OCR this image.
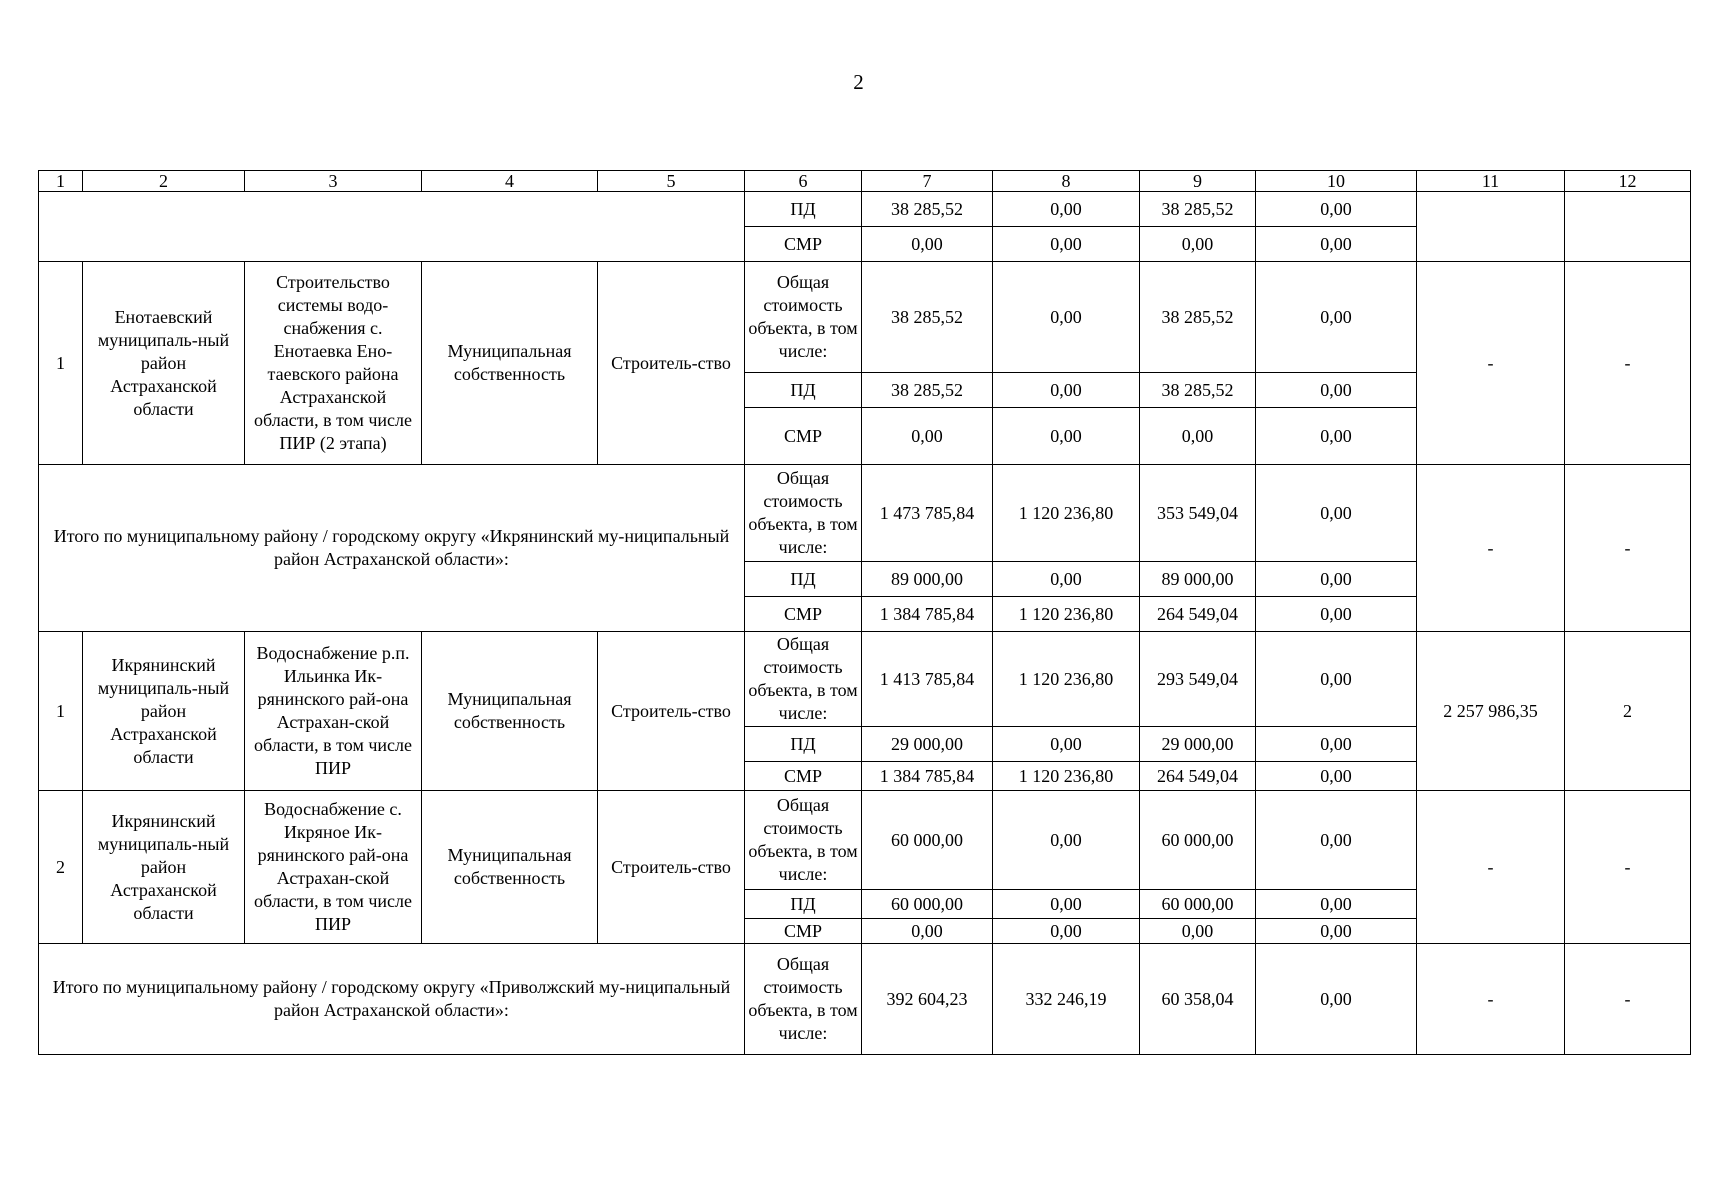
2
1	2	3	4	5	6	7	8	9	10	11	12
					ПД	38 285,52	0,00	38 285,52	0,00		
					СМР	0,00	0,00	0,00	0,00		
1	Енотаевский муниципаль-ный район Астраханской области	Строительство системы водо-снабжения с. Енотаевка Ено-таевского района Астраханской области, в том числе ПИР (2 этапа)	Муниципальная собственность	Строитель-ство	Общая стоимость объекта, в том числе:	38 285,52	0,00	38 285,52	0,00	-	-
					ПД	38 285,52	0,00	38 285,52	0,00		
					СМР	0,00	0,00	0,00	0,00		
Итого по муниципальному району / городскому округу «Икрянинский му-ниципальный район Астраханской области»:					Общая стоимость объекта, в том числе:	1 473 785,84	1 120 236,80	353 549,04	0,00	-	-
					ПД	89 000,00	0,00	89 000,00	0,00		
					СМР	1 384 785,84	1 120 236,80	264 549,04	0,00		
1	Икрянинский муниципаль-ный район Астраханской области	Водоснабжение р.п. Ильинка Ик-рянинского рай-она Астрахан-ской области, в том числе ПИР	Муниципальная собственность	Строитель-ство	Общая стоимость объекта, в том числе:	1 413 785,84	1 120 236,80	293 549,04	0,00	2 257 986,35	2
					ПД	29 000,00	0,00	29 000,00	0,00		
					СМР	1 384 785,84	1 120 236,80	264 549,04	0,00		
2	Икрянинский муниципаль-ный район Астраханской области	Водоснабжение с. Икряное Ик-рянинского рай-она Астрахан-ской области, в том числе ПИР	Муниципальная собственность	Строитель-ство	Общая стоимость объекта, в том числе:	60 000,00	0,00	60 000,00	0,00	-	-
					ПД	60 000,00	0,00	60 000,00	0,00		
					СМР	0,00	0,00	0,00	0,00		
Итого по муниципальному району / городскому округу «Приволжский му-ниципальный район Астраханской области»:					Общая стоимость объекта, в том числе:	392 604,23	332 246,19	60 358,04	0,00	-	-
